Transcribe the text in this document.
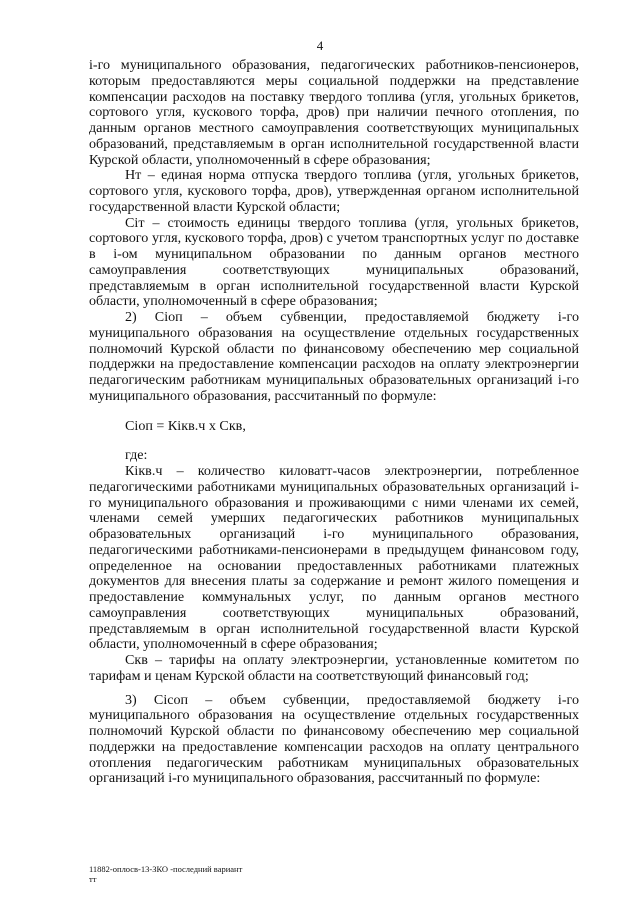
4

i-го муниципального образования, педагогических работников-пенсионеров, которым предоставляются меры социальной поддержки на представление компенсации расходов на поставку твердого топлива (угля, угольных брикетов, сортового угля, кускового торфа, дров) при наличии печного отопления, по данным органов местного самоуправления соответствующих муниципальных образований, представляемым в орган исполнительной государственной власти Курской области, уполномоченный в сфере образования;

Нт – единая норма отпуска твердого топлива (угля, угольных брикетов, сортового угля, кускового торфа, дров), утвержденная органом исполнительной государственной власти Курской области;

Cіт – стоимость единицы твердого топлива (угля, угольных брикетов, сортового угля, кускового торфа, дров) с учетом транспортных услуг по доставке в і-ом муниципальном образовании по данным органов местного самоуправления соответствующих муниципальных образований, представляемым в орган исполнительной государственной власти Курской области, уполномоченный в сфере образования;

2) Cіоп – объем субвенции, предоставляемой бюджету і-го муниципального образования на осуществление отдельных государственных полномочий Курской области по финансовому обеспечению мер социальной поддержки на предоставление компенсации расходов на оплату электроэнергии педагогическим работникам муниципальных образовательных организаций і-го муниципального образования, рассчитанный по формуле:

Cіоп = Кікв.ч х Скв,

где:

Кікв.ч – количество киловатт-часов электроэнергии, потребленное педагогическими работниками муниципальных образовательных организаций і-го муниципального образования и проживающими с ними членами их семей, членами семей умерших педагогических работников муниципальных образовательных организаций і-го муниципального образования, педагогическими работниками-пенсионерами в предыдущем финансовом году, определенное на основании предоставленных работниками платежных документов для внесения платы за содержание и ремонт жилого помещения и предоставление коммунальных услуг, по данным органов местного самоуправления соответствующих муниципальных образований, представляемым в орган исполнительной государственной власти Курской области, уполномоченный в сфере образования;

Скв – тарифы на оплату электроэнергии, установленные комитетом по тарифам и ценам Курской области на соответствующий финансовый год;

3) Cісоп – объем субвенции, предоставляемой бюджету і-го муниципального образования на осуществление отдельных государственных полномочий Курской области по финансовому обеспечению мер социальной поддержки на предоставление компенсации расходов на оплату центрального отопления педагогическим работникам муниципальных образовательных организаций і-го муниципального образования, рассчитанный по формуле:

11882-оплосв-13-ЗКО -последний вариант
тт
